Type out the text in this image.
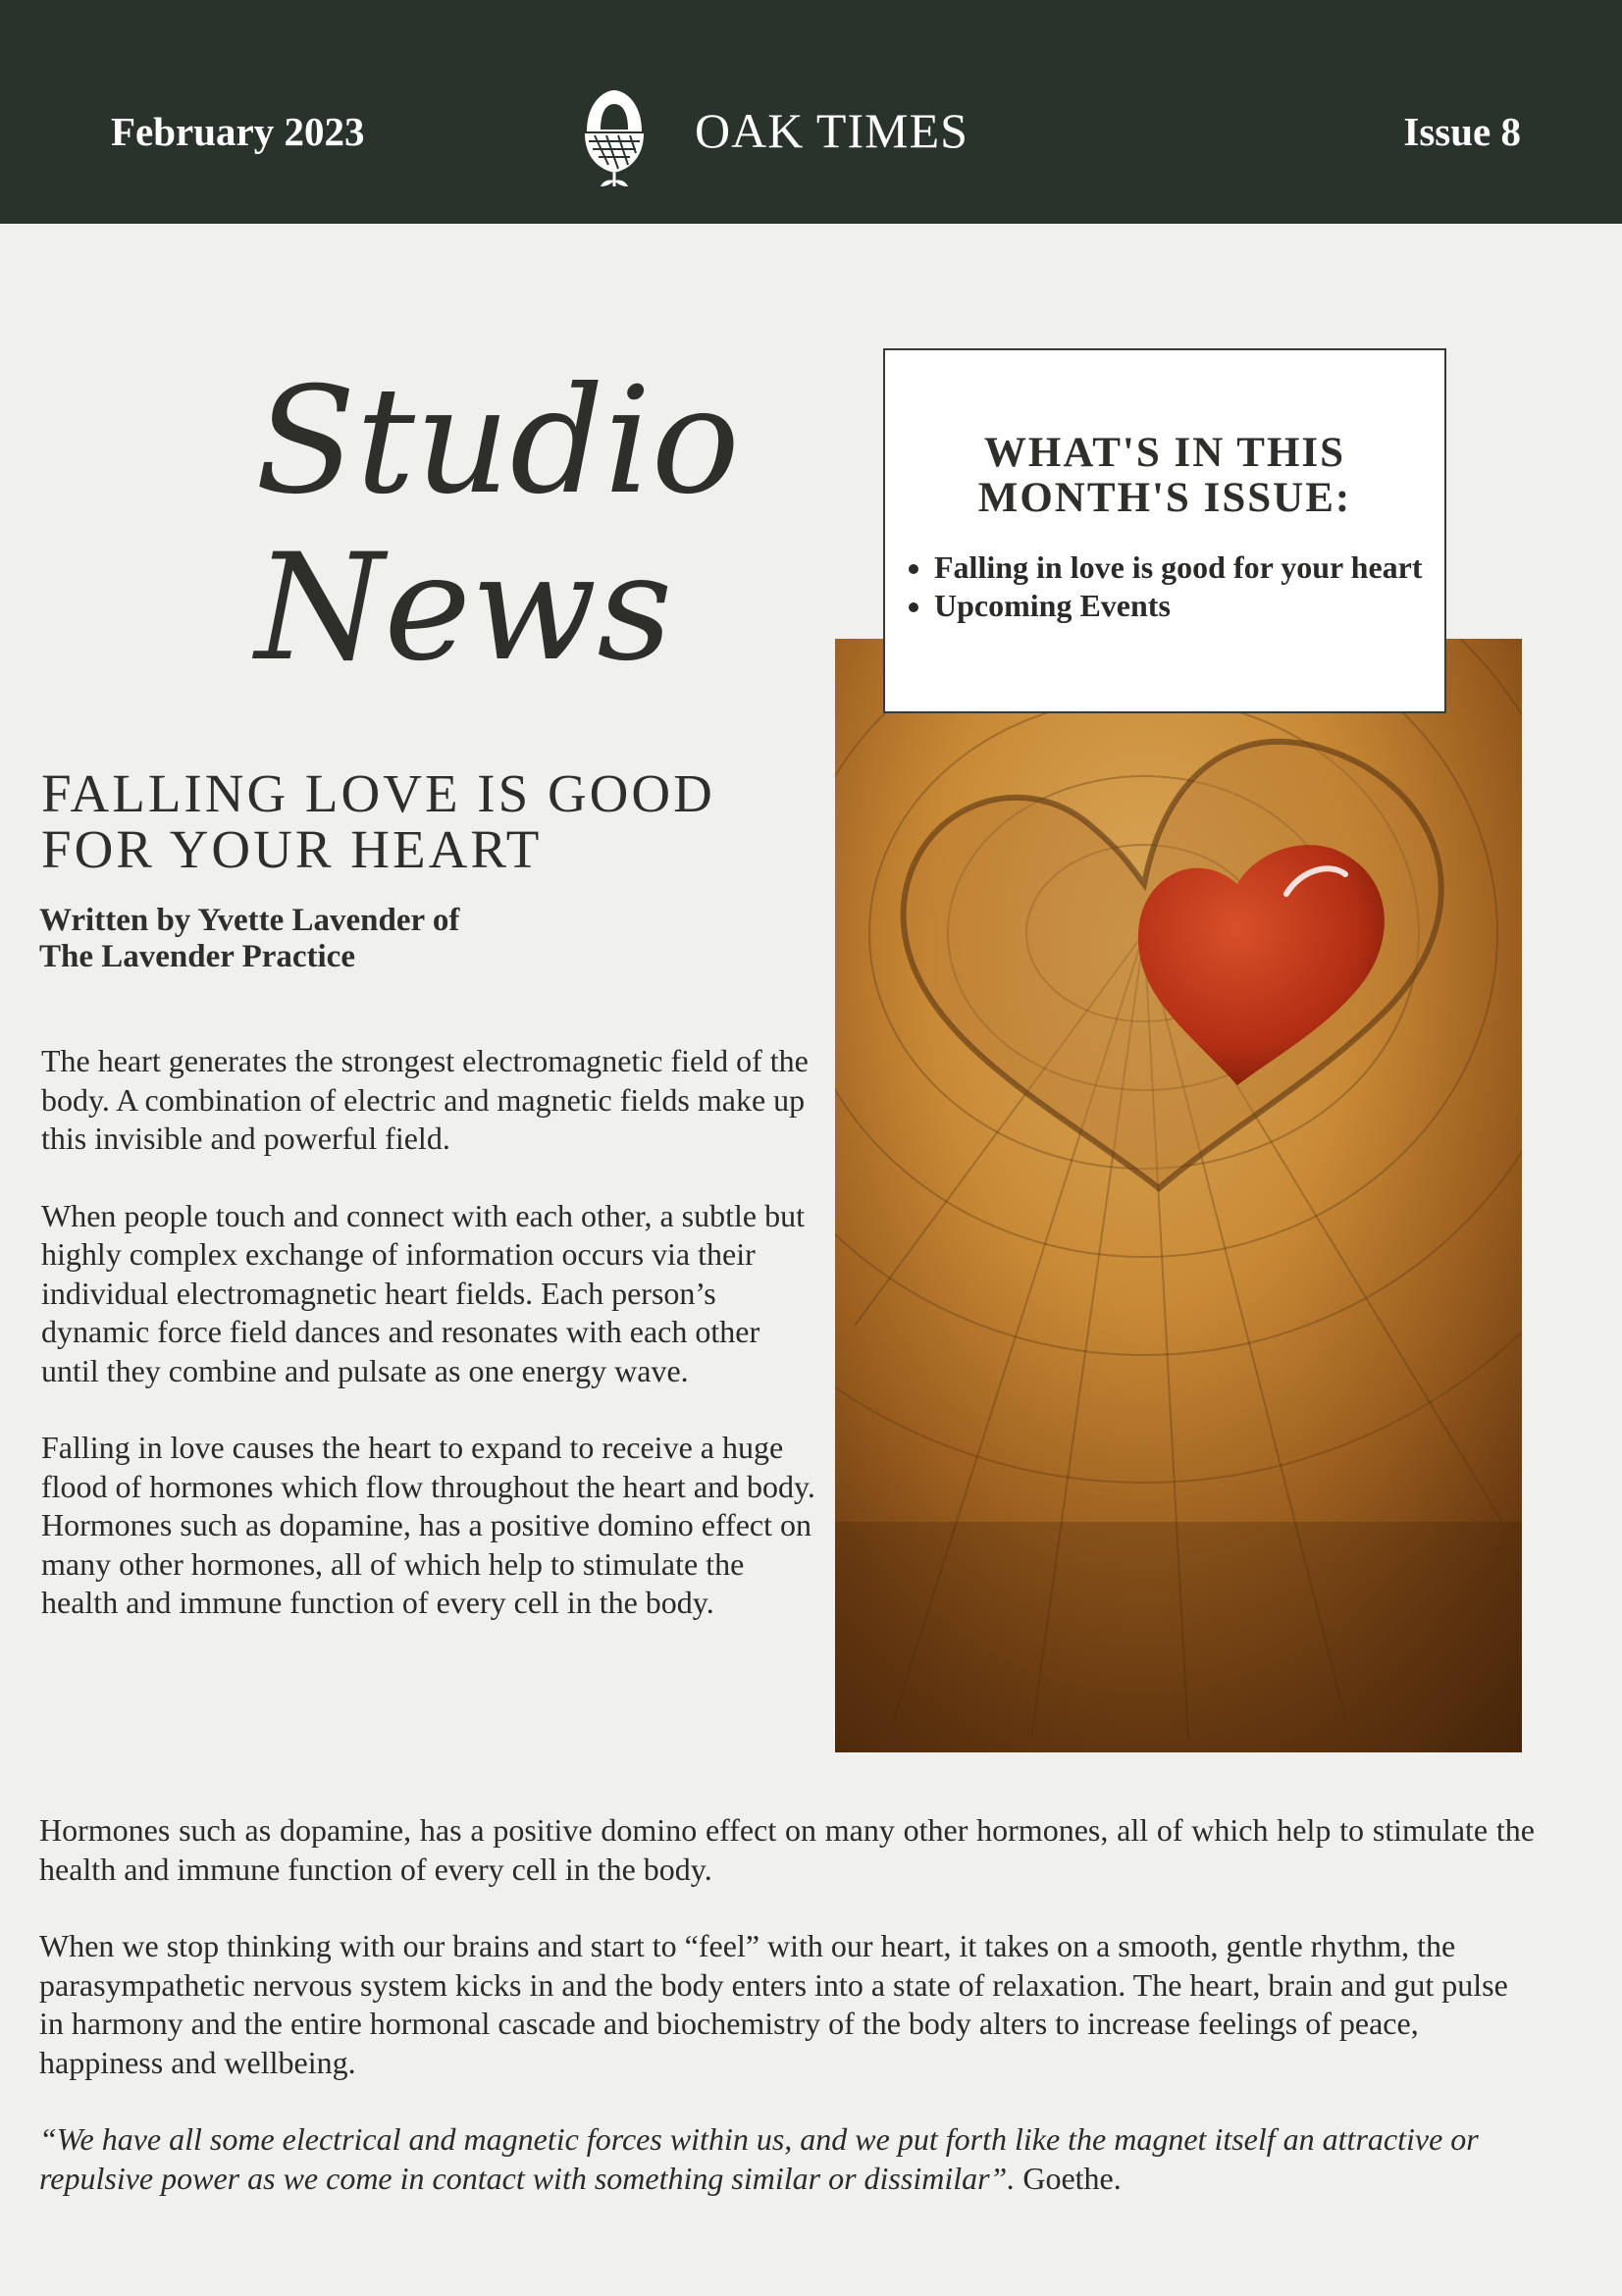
February 2023	OAK TIMES	Issue 8
Studio
News
FALLING LOVE IS GOOD
FOR YOUR HEART
Written by Yvette Lavender of
The Lavender Practice

The heart generates the strongest electromagnetic field of the body. A combination of electric and magnetic fields make up this invisible and powerful field.

When people touch and connect with each other, a subtle but highly complex exchange of information occurs via their individual electromagnetic heart fields. Each person’s dynamic force field dances and resonates with each other until they combine and pulsate as one energy wave.

Falling in love causes the heart to expand to receive a huge flood of hormones which flow throughout the heart and body. Hormones such as dopamine, has a positive domino effect on many other hormones, all of which help to stimulate the health and immune function of every cell in the body.

WHAT'S IN THIS MONTH'S ISSUE:
• Falling in love is good for your heart
• Upcoming Events

Hormones such as dopamine, has a positive domino effect on many other hormones, all of which help to stimulate the health and immune function of every cell in the body.

When we stop thinking with our brains and start to “feel” with our heart, it takes on a smooth, gentle rhythm, the parasympathetic nervous system kicks in and the body enters into a state of relaxation. The heart, brain and gut pulse in harmony and the entire hormonal cascade and biochemistry of the body alters to increase feelings of peace, happiness and wellbeing.

“We have all some electrical and magnetic forces within us, and we put forth like the magnet itself an attractive or repulsive power as we come in contact with something similar or dissimilar”. Goethe.
